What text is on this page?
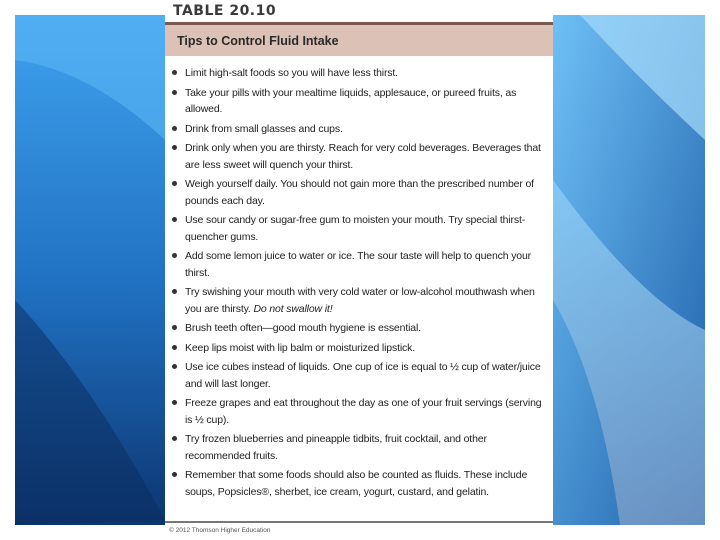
TABLE 20.10
Tips to Control Fluid Intake
Limit high-salt foods so you will have less thirst.
Take your pills with your mealtime liquids, applesauce, or pureed fruits, as allowed.
Drink from small glasses and cups.
Drink only when you are thirsty. Reach for very cold beverages. Beverages that are less sweet will quench your thirst.
Weigh yourself daily. You should not gain more than the prescribed number of pounds each day.
Use sour candy or sugar-free gum to moisten your mouth. Try special thirst-quencher gums.
Add some lemon juice to water or ice. The sour taste will help to quench your thirst.
Try swishing your mouth with very cold water or low-alcohol mouthwash when you are thirsty. Do not swallow it!
Brush teeth often—good mouth hygiene is essential.
Keep lips moist with lip balm or moisturized lipstick.
Use ice cubes instead of liquids. One cup of ice is equal to ½ cup of water/juice and will last longer.
Freeze grapes and eat throughout the day as one of your fruit servings (serving is ½ cup).
Try frozen blueberries and pineapple tidbits, fruit cocktail, and other recommended fruits.
Remember that some foods should also be counted as fluids. These include soups, Popsicles®, sherbet, ice cream, yogurt, custard, and gelatin.
© 2012 Thomson Higher Education
